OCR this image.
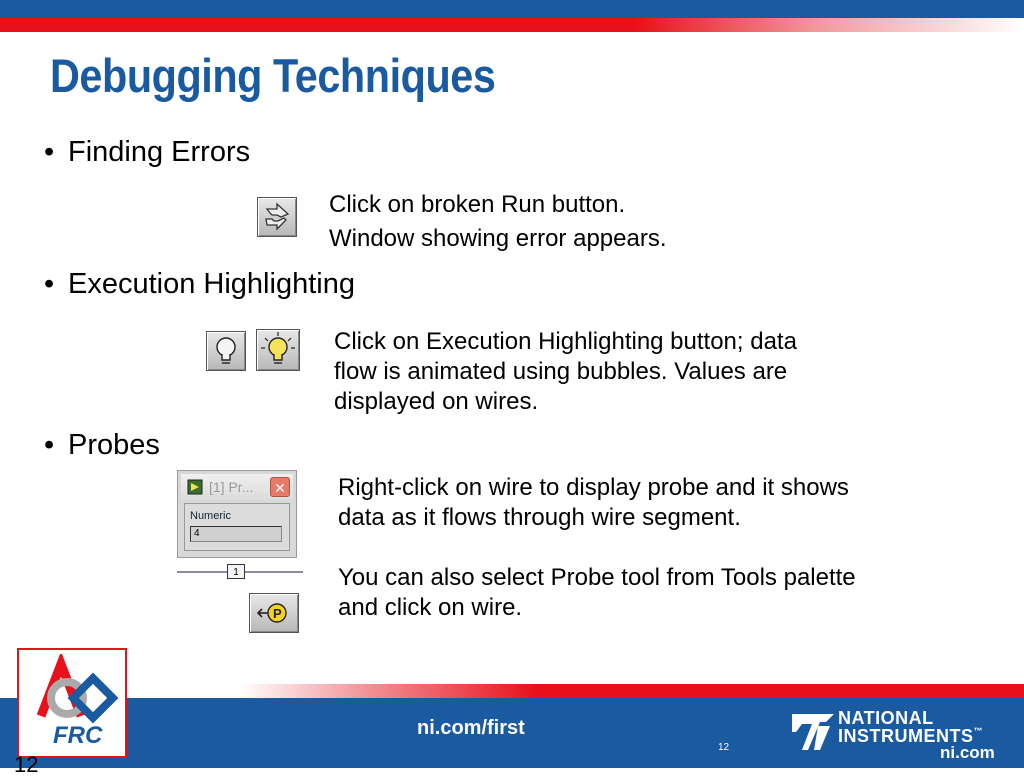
Debugging Techniques
• Finding Errors
Click on broken Run button.
Window showing error appears.
• Execution Highlighting
Click on Execution Highlighting button; data
flow is animated using bubbles. Values are
displayed on wires.
• Probes
[1] Pr... ✕
Numeric
4
1
P
Right-click on wire to display probe and it shows
data as it flows through wire segment.
You can also select Probe tool from Tools palette
and click on wire.
FRC	ni.com/first
12
12
NATIONAL
INSTRUMENTS™
ni.com
